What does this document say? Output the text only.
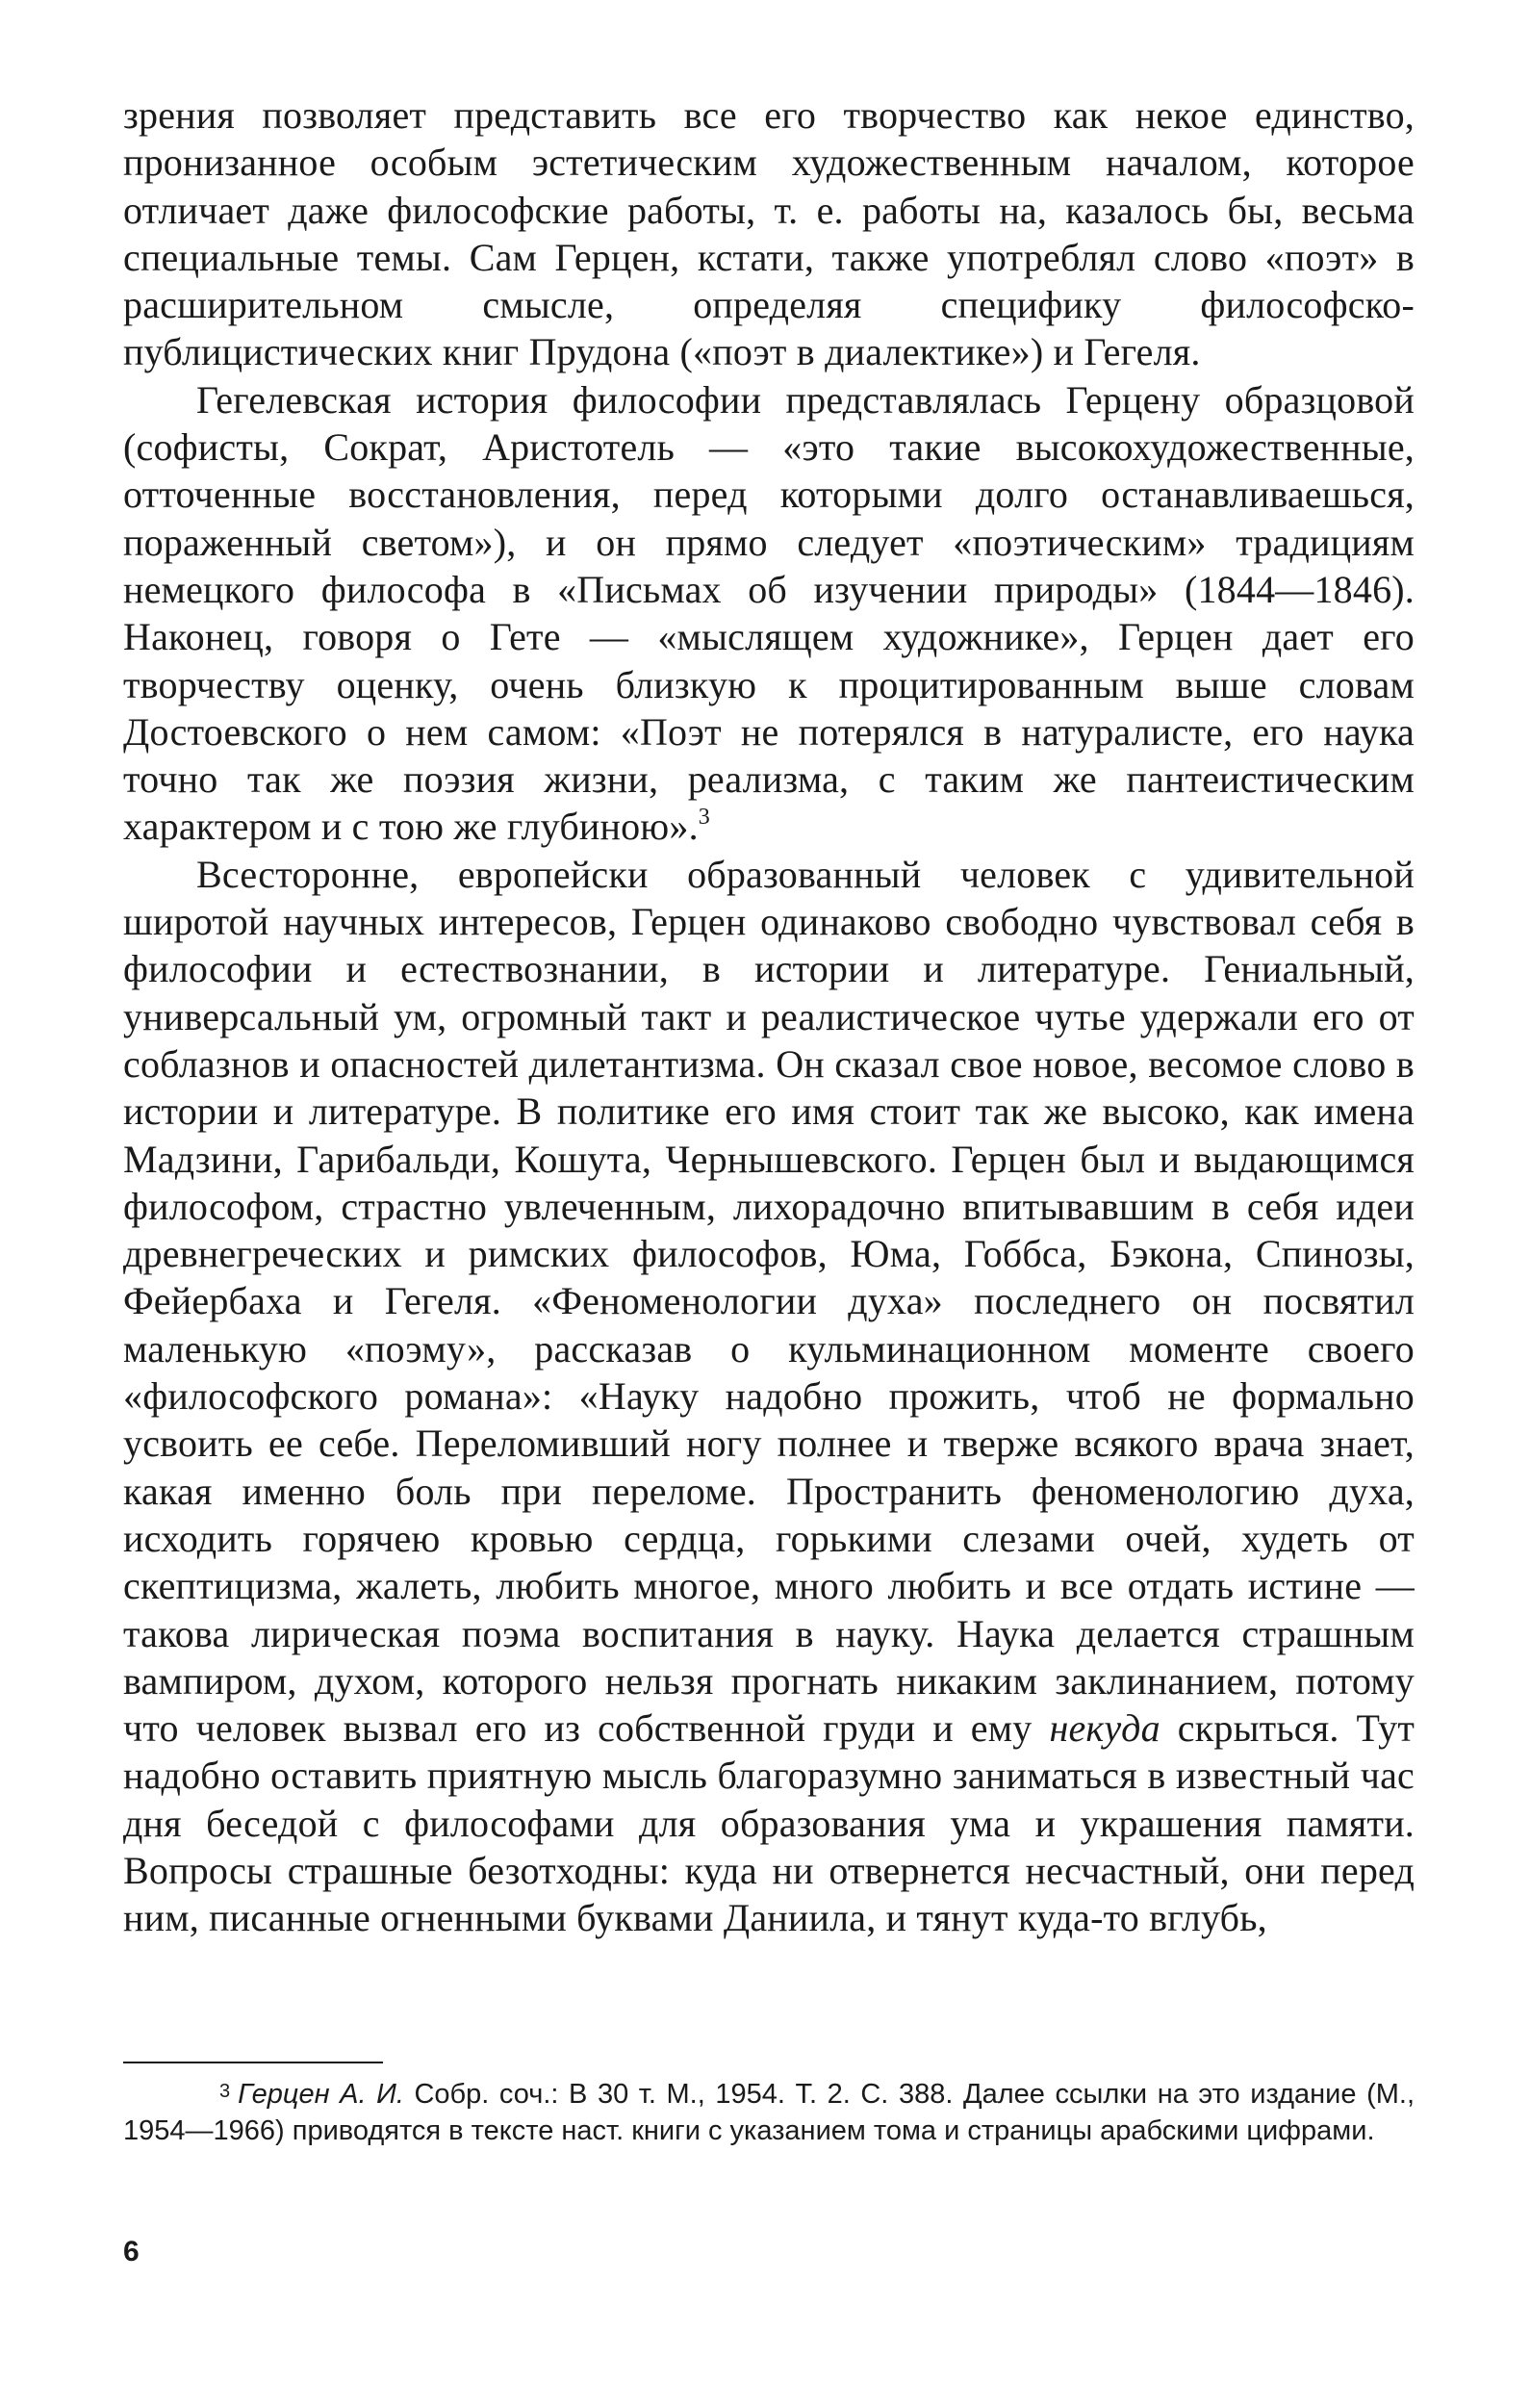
зрения позволяет представить все его творчество как некое единство, пронизанное особым эстетическим художественным началом, которое отличает даже философские работы, т. е. работы на, казалось бы, весьма специальные темы. Сам Герцен, кстати, также употреблял слово «поэт» в расширительном смысле, определяя специфику философско-публицистических книг Прудона («поэт в диалектике») и Гегеля.

Гегелевская история философии представлялась Герцену образцовой (софисты, Сократ, Аристотель — «это такие высокохудожественные, отточенные восстановления, перед которыми долго останавливаешься, пораженный светом»), и он прямо следует «поэтическим» традициям немецкого философа в «Письмах об изучении природы» (1844—1846). Наконец, говоря о Гете — «мыслящем художнике», Герцен дает его творчеству оценку, очень близкую к процитированным выше словам Достоевского о нем самом: «Поэт не потерялся в натуралисте, его наука точно так же поэзия жизни, реализма, с таким же пантеистическим характером и с тою же глубиною».$^3$

Всесторонне, европейски образованный человек с удивительной широтой научных интересов, Герцен одинаково свободно чувствовал себя в философии и естествознании, в истории и литературе. Гениальный, универсальный ум, огромный такт и реалистическое чутье удержали его от соблазнов и опасностей дилетантизма. Он сказал свое новое, весомое слово в истории и литературе. В политике его имя стоит так же высоко, как имена Мадзини, Гарибальди, Кошута, Чернышевского. Герцен был и выдающимся философом, страстно увлеченным, лихорадочно впитывавшим в себя идеи древнегреческих и римских философов, Юма, Гоббса, Бэкона, Спинозы, Фейербаха и Гегеля. «Феноменологии духа» последнего он посвятил маленькую «поэму», рассказав о кульминационном моменте своего «философского романа»: «Науку надобно прожить, чтоб не формально усвоить ее себе. Переломивший ногу полнее и тверже всякого врача знает, какая именно боль при переломе. Пространить феноменологию духа, исходить горячею кровью сердца, горькими слезами очей, худеть от скептицизма, жалеть, любить многое, много любить и все отдать истине — такова лирическая поэма воспитания в науку. Наука делается страшным вампиром, духом, которого нельзя прогнать никаким заклинанием, потому что человек вызвал его из собственной груди и ему некуда скрыться. Тут надобно оставить приятную мысль благоразумно заниматься в известный час дня беседой с философами для образования ума и украшения памяти. Вопросы страшные безотходны: куда ни отвернется несчастный, они перед ним, писанные огненными буквами Даниила, и тянут куда-то вглубь,

$^3$ Герцен А. И. Собр. соч.: В 30 т. М., 1954. Т. 2. С. 388. Далее ссылки на это издание (М., 1954—1966) приводятся в тексте наст. книги с указанием тома и страницы арабскими цифрами.

6
